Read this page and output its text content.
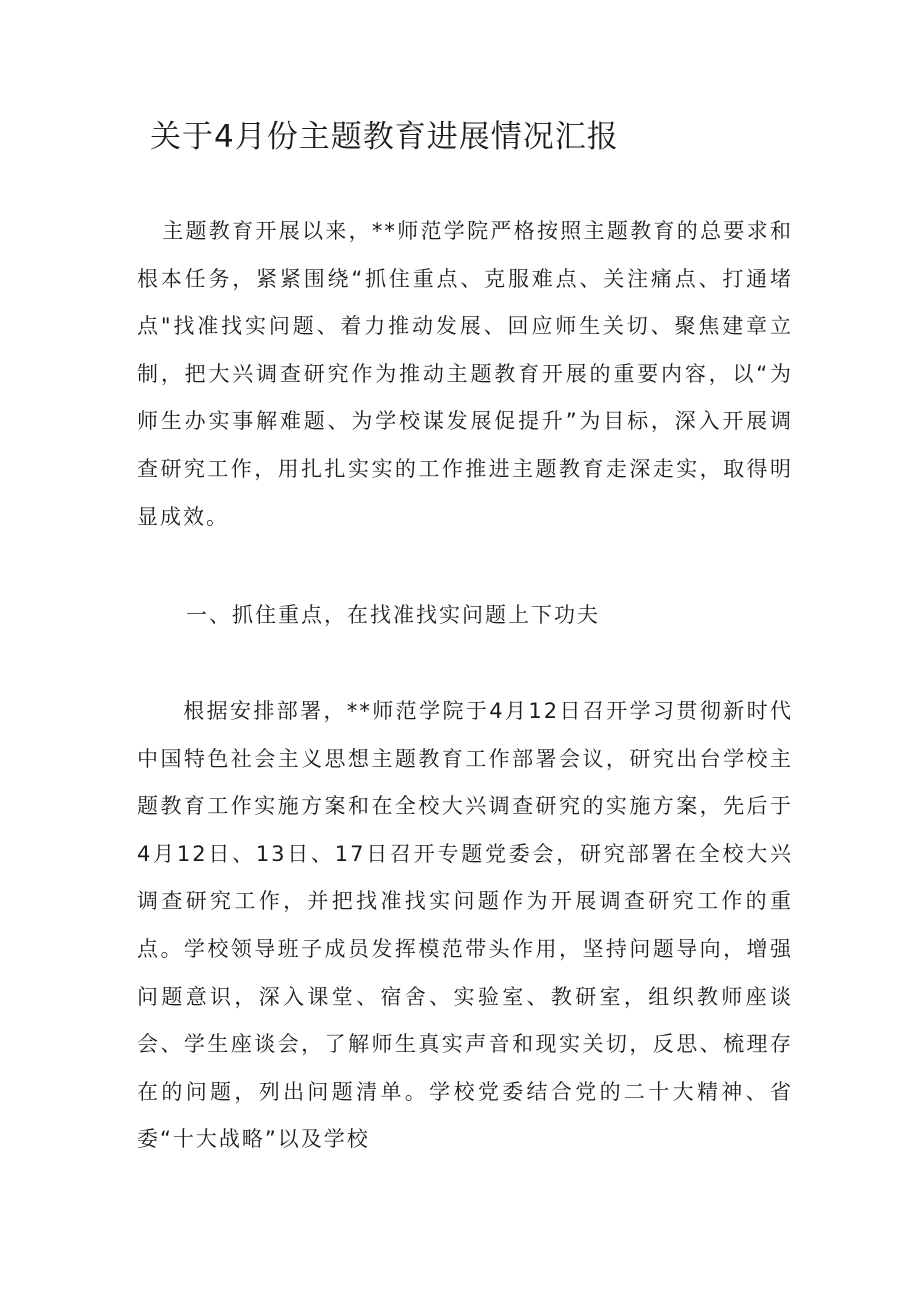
关于4月份主题教育进展情况汇报

主题教育开展以来，**师范学院严格按照主题教育的总要求和根本任务，紧紧围绕“抓住重点、克服难点、关注痛点、打通堵点"找准找实问题、着力推动发展、回应师生关切、聚焦建章立制，把大兴调查研究作为推动主题教育开展的重要内容，以“为师生办实事解难题、为学校谋发展促提升”为目标，深入开展调查研究工作，用扎扎实实的工作推进主题教育走深走实，取得明显成效。

一、抓住重点，在找准找实问题上下功夫

根据安排部署，**师范学院于4月12日召开学习贯彻新时代中国特色社会主义思想主题教育工作部署会议，研究出台学校主题教育工作实施方案和在全校大兴调查研究的实施方案，先后于4月12日、13日、17日召开专题党委会，研究部署在全校大兴调查研究工作，并把找准找实问题作为开展调查研究工作的重点。学校领导班子成员发挥模范带头作用，坚持问题导向，增强问题意识，深入课堂、宿舍、实验室、教研室，组织教师座谈会、学生座谈会，了解师生真实声音和现实关切，反思、梳理存在的问题，列出问题清单。学校党委结合党的二十大精神、省委“十大战略”以及学校
